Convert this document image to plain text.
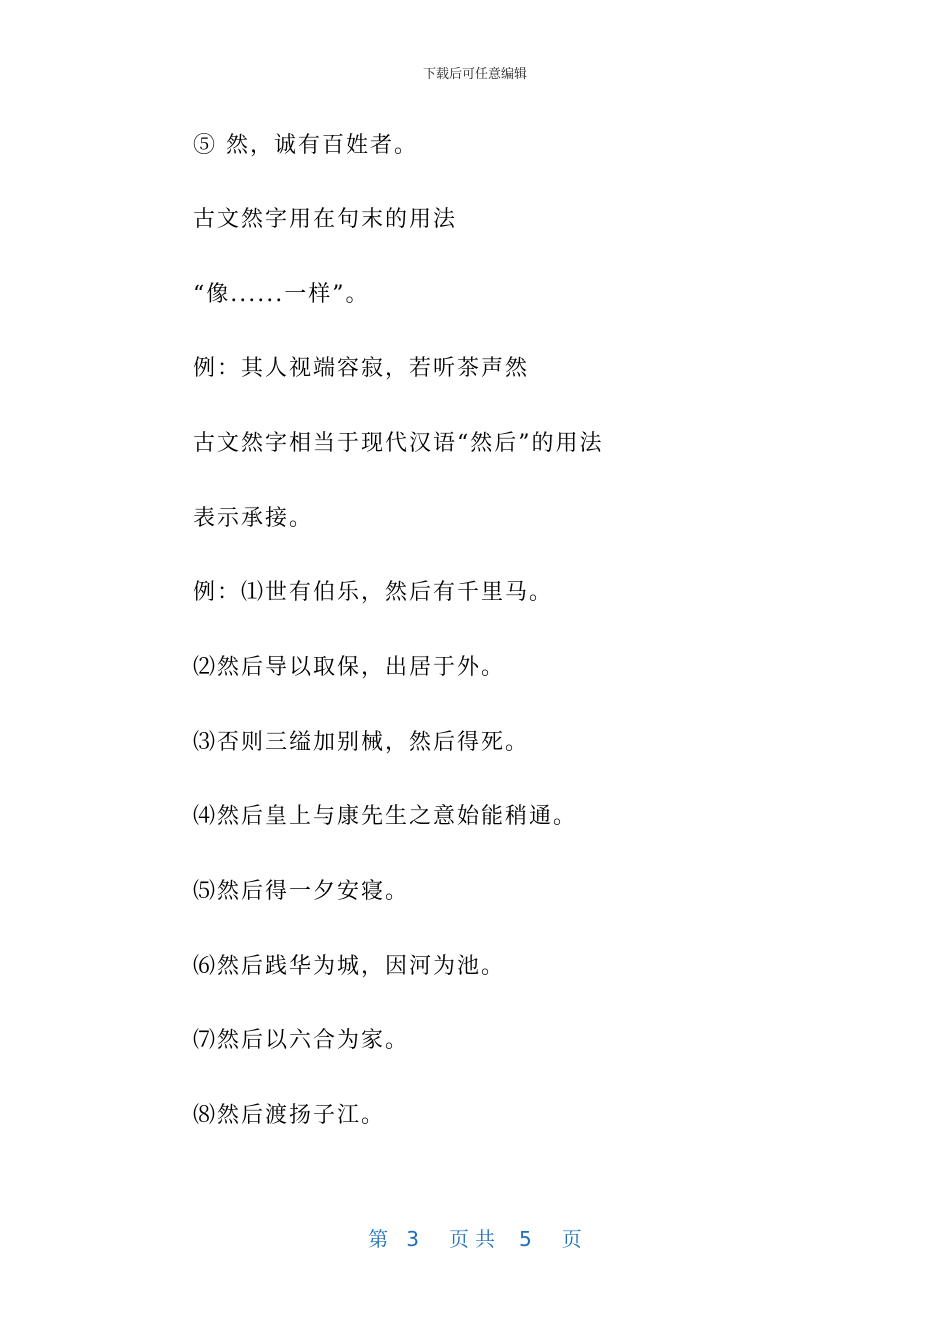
下载后可任意编辑
⑤ 然，诚有百姓者。
古文然字用在句末的用法
“像......一样”。
例：其人视端容寂，若听茶声然
古文然字相当于现代汉语“然后”的用法
表示承接。
例：⑴世有伯乐，然后有千里马。
⑵然后导以取保，出居于外。
⑶否则三缢加别械，然后得死。
⑷然后皇上与康先生之意始能稍通。
⑸然后得一夕安寝。
⑹然后践华为城，因河为池。
⑺然后以六合为家。
⑻然后渡扬子江。
第 3 页共 5 页
